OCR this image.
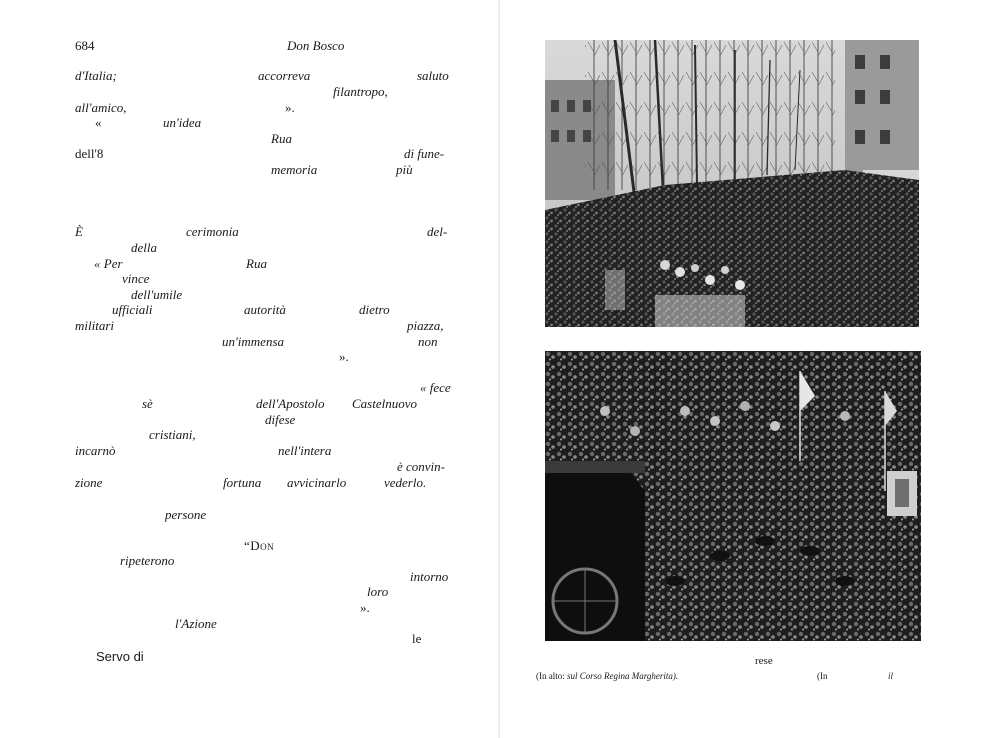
684	Don Bosco
d'Italia;	accorreva	saluto
filantropo,
all'amico,	».
«	un'idea
Rua
dell'8	di fune-
memoria	più
È	cerimonia	del-
della
« Per	Rua
vince
dell'umile
ufficiali	autorità	dietro
militari	piazza,
un'immensa	non
».
« fece
sè	dell'Apostolo Castelnuovo
difese
cristiani,
incarnò	nell'intera
è convin-
zione	fortuna avvicinarlo	vederlo.
persone
“Don
ripeterono
intorno
loro
».
l'Azione
le
Servo di	rese
(In alto: sul Corso Regina Margherita).	(In	il
